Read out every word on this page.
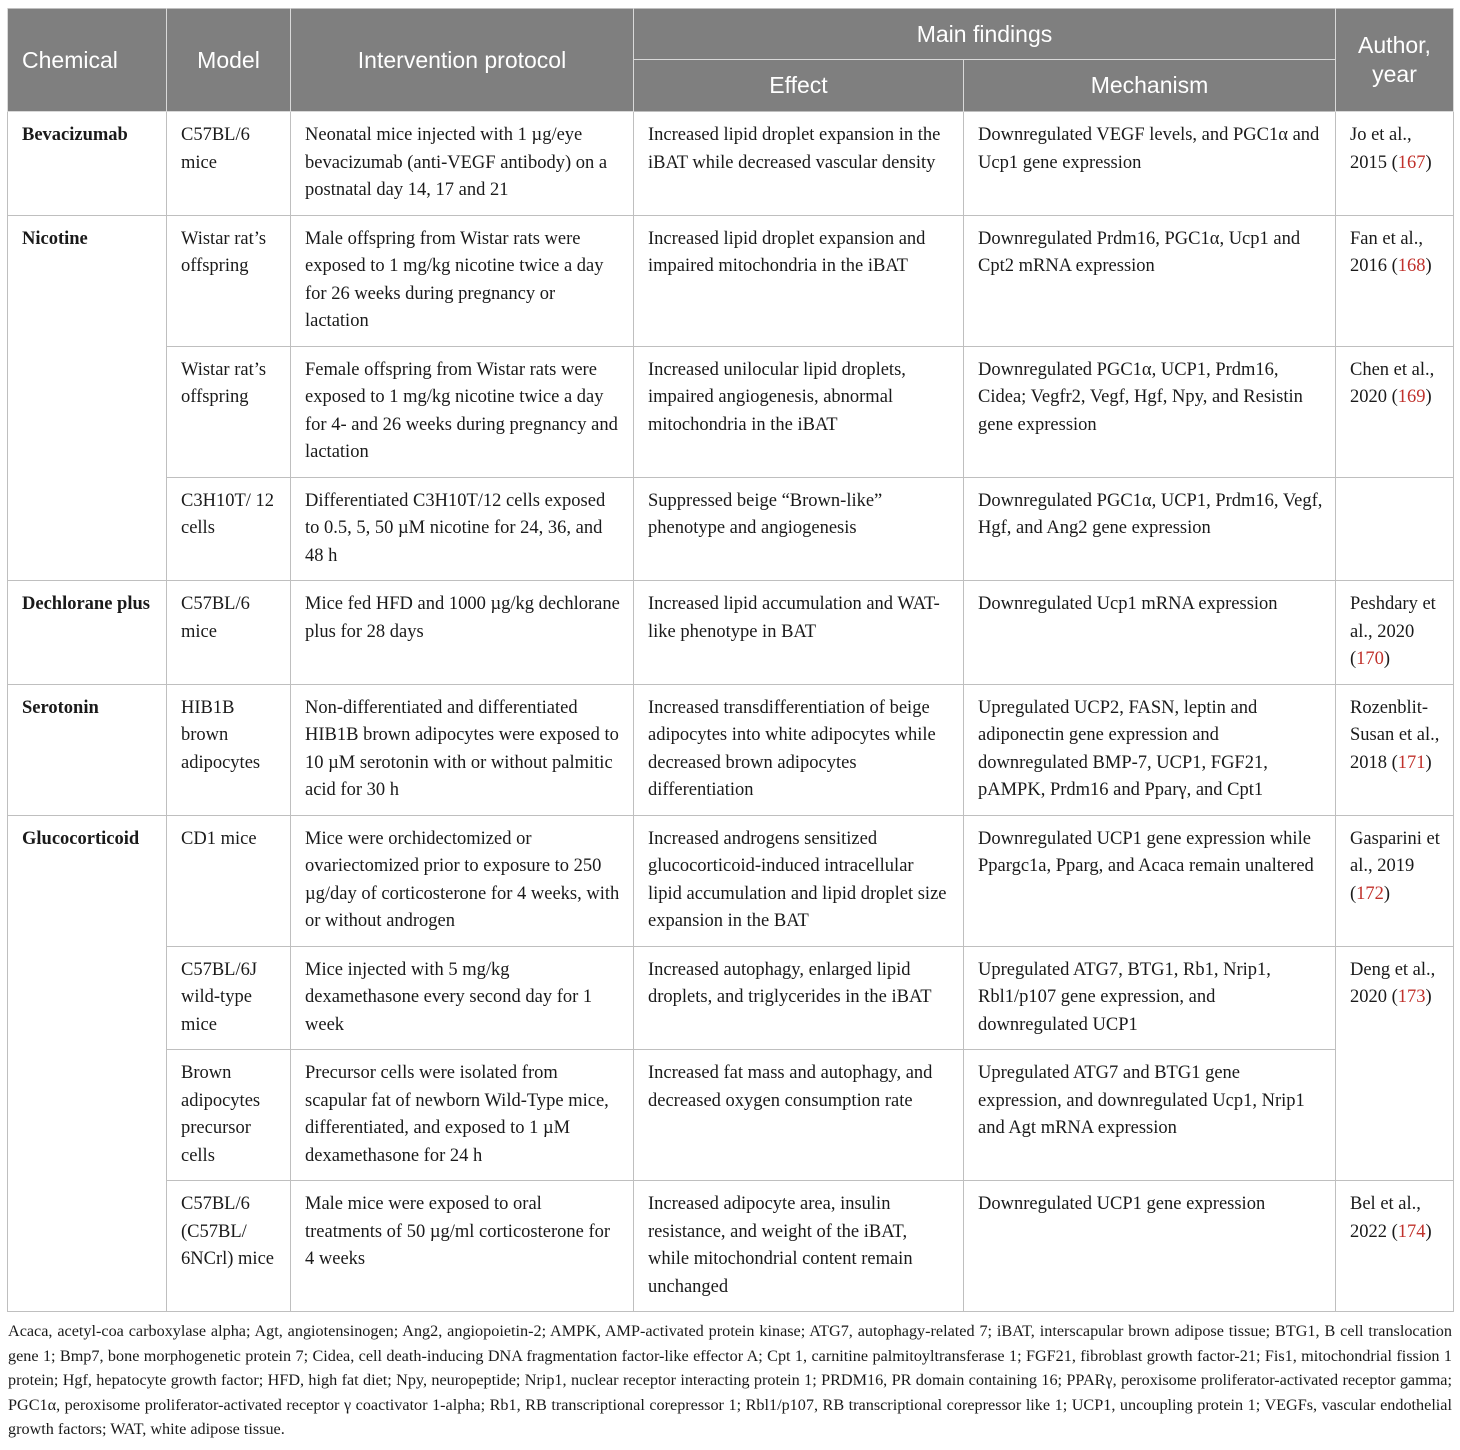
Chemical	Model	Intervention protocol	Main findings		Author, year
			Effect	Mechanism	
Bevacizumab	C57BL/6 mice	Neonatal mice injected with 1 µg/eye bevacizumab (anti-VEGF antibody) on a postnatal day 14, 17 and 21	Increased lipid droplet expansion in the iBAT while decreased vascular density	Downregulated VEGF levels, and PGC1α and Ucp1 gene expression	Jo et al., 2015 (167)
Nicotine	Wistar rat’s offspring	Male offspring from Wistar rats were exposed to 1 mg/kg nicotine twice a day for 26 weeks during pregnancy or lactation	Increased lipid droplet expansion and impaired mitochondria in the iBAT	Downregulated Prdm16, PGC1α, Ucp1 and Cpt2 mRNA expression	Fan et al., 2016 (168)
	Wistar rat’s offspring	Female offspring from Wistar rats were exposed to 1 mg/kg nicotine twice a day for 4- and 26 weeks during pregnancy and lactation	Increased unilocular lipid droplets, impaired angiogenesis, abnormal mitochondria in the iBAT	Downregulated PGC1α, UCP1, Prdm16, Cidea; Vegfr2, Vegf, Hgf, Npy, and Resistin gene expression	Chen et al., 2020 (169)
	C3H10T/ 12 cells	Differentiated C3H10T/12 cells exposed to 0.5, 5, 50 µM nicotine for 24, 36, and 48 h	Suppressed beige “Brown-like” phenotype and angiogenesis	Downregulated PGC1α, UCP1, Prdm16, Vegf, Hgf, and Ang2 gene expression	
Dechlorane plus	C57BL/6 mice	Mice fed HFD and 1000 µg/kg dechlorane plus for 28 days	Increased lipid accumulation and WAT-like phenotype in BAT	Downregulated Ucp1 mRNA expression	Peshdary et al., 2020 (170)
Serotonin	HIB1B brown adipocytes	Non-differentiated and differentiated HIB1B brown adipocytes were exposed to 10 µM serotonin with or without palmitic acid for 30 h	Increased transdifferentiation of beige adipocytes into white adipocytes while decreased brown adipocytes differentiation	Upregulated UCP2, FASN, leptin and adiponectin gene expression and downregulated BMP-7, UCP1, FGF21, pAMPK, Prdm16 and Pparγ, and Cpt1	Rozenblit-Susan et al., 2018 (171)
Glucocorticoid	CD1 mice	Mice were orchidectomized or ovariectomized prior to exposure to 250 µg/day of corticosterone for 4 weeks, with or without androgen	Increased androgens sensitized glucocorticoid-induced intracellular lipid accumulation and lipid droplet size expansion in the BAT	Downregulated UCP1 gene expression while Ppargc1a, Pparg, and Acaca remain unaltered	Gasparini et al., 2019 (172)
	C57BL/6J wild-type mice	Mice injected with 5 mg/kg dexamethasone every second day for 1 week	Increased autophagy, enlarged lipid droplets, and triglycerides in the iBAT	Upregulated ATG7, BTG1, Rb1, Nrip1, Rbl1/p107 gene expression, and downregulated UCP1	Deng et al., 2020 (173)
	Brown adipocytes precursor cells	Precursor cells were isolated from scapular fat of newborn Wild-Type mice, differentiated, and exposed to 1 µM dexamethasone for 24 h	Increased fat mass and autophagy, and decreased oxygen consumption rate	Upregulated ATG7 and BTG1 gene expression, and downregulated Ucp1, Nrip1 and Agt mRNA expression	
	C57BL/6 (C57BL/ 6NCrl) mice	Male mice were exposed to oral treatments of 50 µg/ml corticosterone for 4 weeks	Increased adipocyte area, insulin resistance, and weight of the iBAT, while mitochondrial content remain unchanged	Downregulated UCP1 gene expression	Bel et al., 2022 (174)
Acaca, acetyl-coa carboxylase alpha; Agt, angiotensinogen; Ang2, angiopoietin-2; AMPK, AMP-activated protein kinase; ATG7, autophagy-related 7; iBAT, interscapular brown adipose tissue; BTG1, B cell translocation gene 1; Bmp7, bone morphogenetic protein 7; Cidea, cell death-inducing DNA fragmentation factor-like effector A; Cpt 1, carnitine palmitoyltransferase 1; FGF21, fibroblast growth factor-21; Fis1, mitochondrial fission 1 protein; Hgf, hepatocyte growth factor; HFD, high fat diet; Npy, neuropeptide; Nrip1, nuclear receptor interacting protein 1; PRDM16, PR domain containing 16; PPARγ, peroxisome proliferator-activated receptor gamma; PGC1α, peroxisome proliferator-activated receptor γ coactivator 1-alpha; Rb1, RB transcriptional corepressor 1; Rbl1/p107, RB transcriptional corepressor like 1; UCP1, uncoupling protein 1; VEGFs, vascular endothelial growth factors; WAT, white adipose tissue.
